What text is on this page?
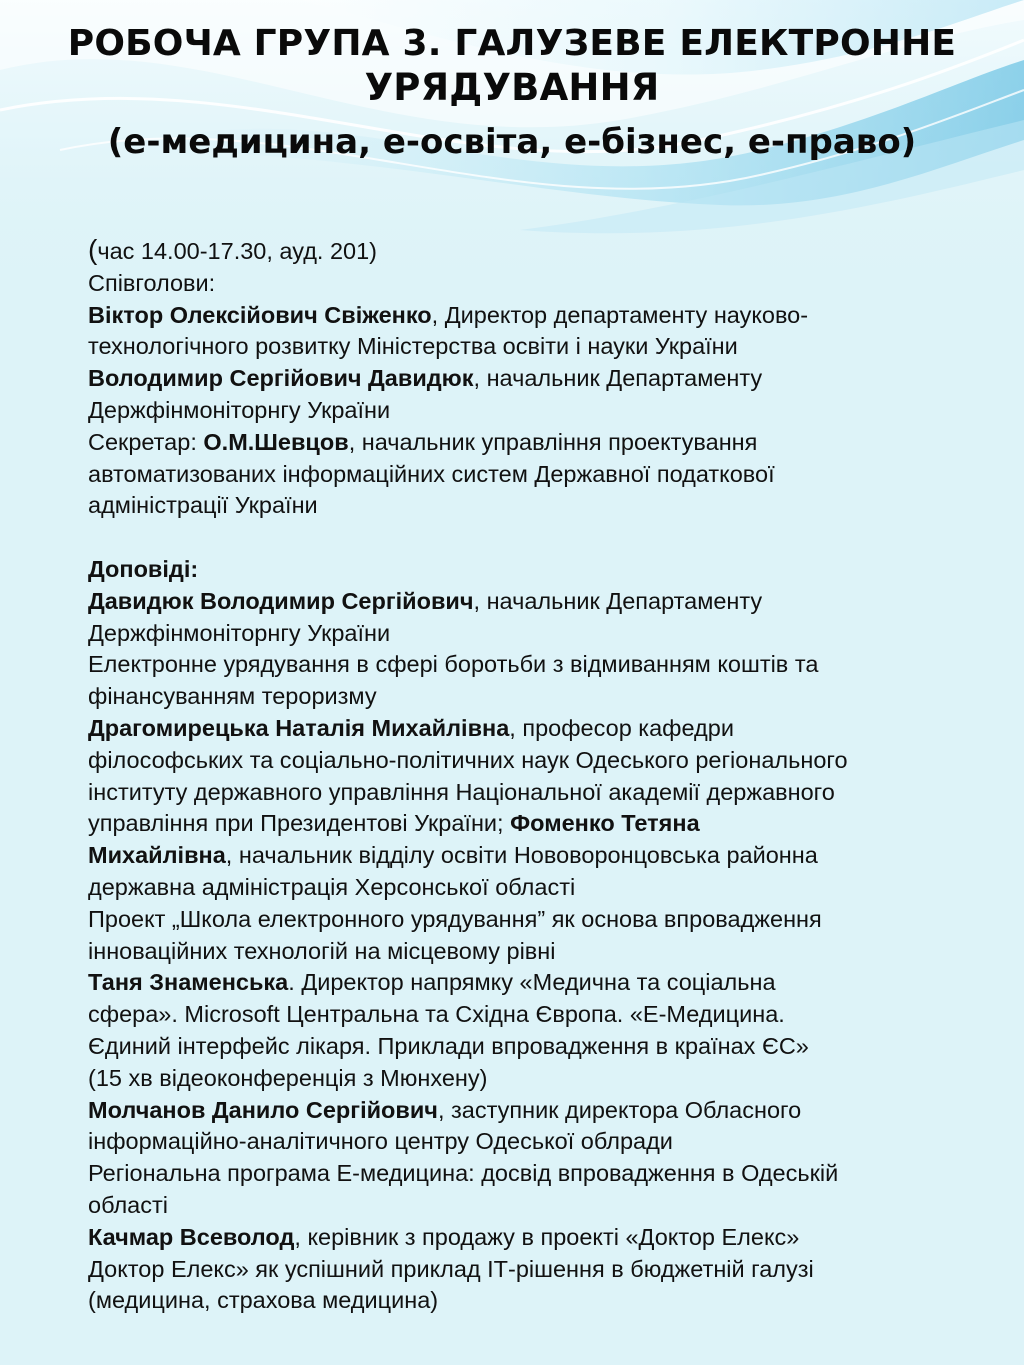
РОБОЧА ГРУПА 3. ГАЛУЗЕВЕ ЕЛЕКТРОННЕ
УРЯДУВАННЯ
(е-медицина, е-освіта, е-бізнес, е-право)
(час 14.00-17.30, ауд. 201)
Співголови:
Віктор Олексійович Свіженко, Директор департаменту науково-
технологічного розвитку Міністерства освіти і науки України
Володимир Сергійович Давидюк, начальник Департаменту
Держфінмоніторнгу України
Секретар: О.М.Шевцов, начальник управління проектування
автоматизованих інформаційних систем Державної податкової
адміністрації України
Доповіді:
Давидюк Володимир Сергійович, начальник Департаменту
Держфінмоніторнгу України
Електронне урядування в сфері боротьби з відмиванням коштів та
фінансуванням тероризму
Драгомирецька Наталія Михайлівна, професор кафедри
філософських та соціально-політичних наук Одеського регіонального
інституту державного управління Національної академії державного
управління при Президентові України; Фоменко Тетяна
Михайлівна, начальник відділу освіти Нововоронцовська районна
державна адміністрація Херсонської області
Проект „Школа електронного урядування” як основа впровадження
інноваційних технологій на місцевому рівні
Таня Знаменська. Директор напрямку «Медична та соціальна
сфера». Microsoft Центральна та Східна Європа. «Е-Медицина.
Єдиний інтерфейс лікаря. Приклади впровадження в країнах ЄС»
(15 хв відеоконференція з Мюнхену)
Молчанов Данило Сергійович, заступник директора Обласного
інформаційно-аналітичного центру Одеської облради
Регіональна програма Е-медицина: досвід впровадження в Одеській
області
Качмар Всеволод, керівник з продажу в проекті «Доктор Елекс»
Доктор Елекс» як успішний приклад ІТ-рішення в бюджетній галузі
(медицина, страхова медицина)
